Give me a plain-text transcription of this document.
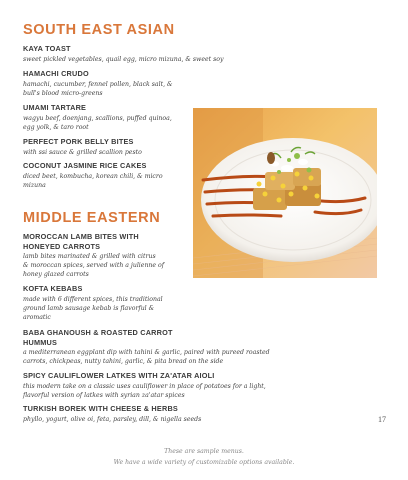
SOUTH EAST ASIAN
KAYA TOAST
sweet pickled vegetables, quail egg, micro mizuna, & sweet soy
HAMACHI CRUDO
hamachi, cucumber, fennel pollen, black salt, &
bull's blood micro-greens
UMAMI TARTARE
wagyu beef, doenjang, scallions, puffed quinoa,
egg yolk, & taro root
PERFECT PORK BELLY BITES
with ssi sauce & grilled scallion pesto
COCONUT JASMINE RICE CAKES
diced beet, kombucha, korean chili, & micro
mizuna
MIDDLE EASTERN
MOROCCAN LAMB BITES WITH
HONEYED CARROTS
lamb bites marinated & grilled with citrus
& moroccan spices, served with a julienne of
honey glazed carrots
KOFTA KEBABS
made with 6 different spices, this traditional
ground lamb sausage kebab is flavorful &
aromatic
BABA GHANOUSH & ROASTED CARROT
HUMMUS
a mediterranean eggplant dip with tahini & garlic, paired with pureed roasted
carrots, chickpeas, nutty tahini, garlic, & pita bread on the side
SPICY CAULIFLOWER LATKES WITH ZA'ATAR AIOLI
this modern take on a classic uses cauliflower in place of potatoes for a light,
flavorful version of latkes with syrian za'atar spices
TURKISH BOREK WITH CHEESE & HERBS
phyllo, yogurt, olive oi, feta, parsley, dill, & nigella seeds	17
These are sample menus.
We have a wide variety of customizable options available.
